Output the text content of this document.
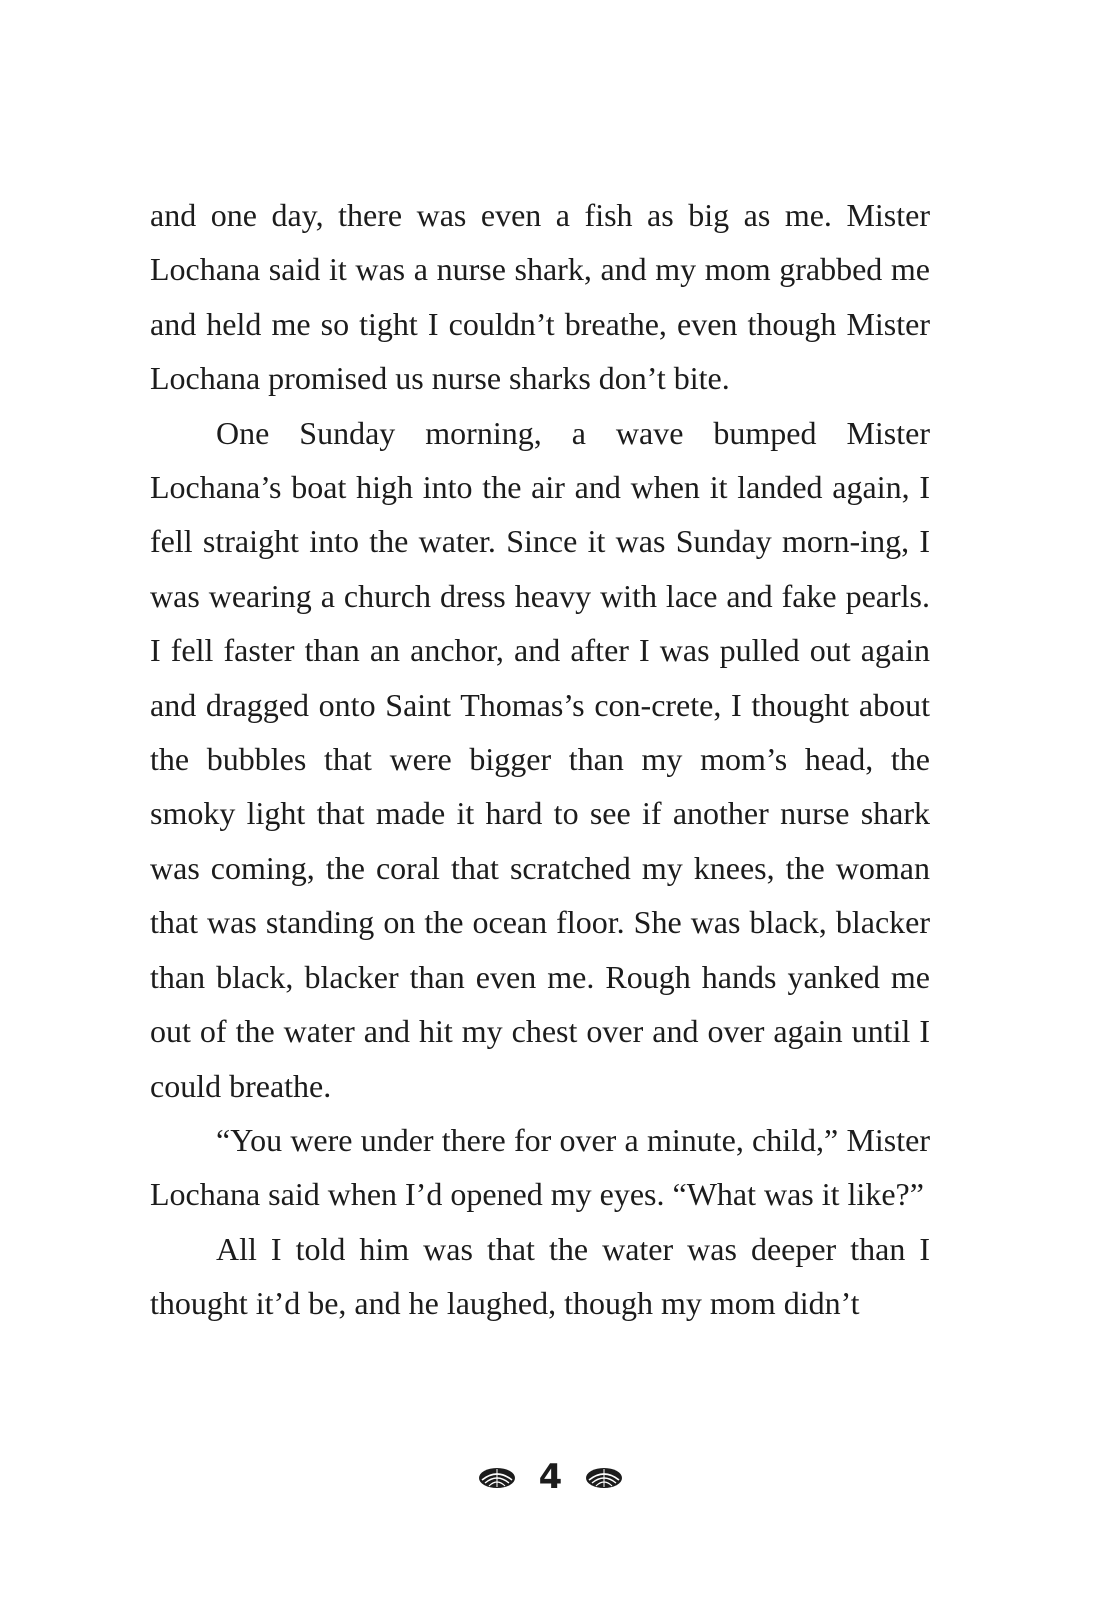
and one day, there was even a fish as big as me. Mister Lochana said it was a nurse shark, and my mom grabbed me and held me so tight I couldn’t breathe, even though Mister Lochana promised us nurse sharks don’t bite.

One Sunday morning, a wave bumped Mister Lochana’s boat high into the air and when it landed again, I fell straight into the water. Since it was Sunday morn-ing, I was wearing a church dress heavy with lace and fake pearls. I fell faster than an anchor, and after I was pulled out again and dragged onto Saint Thomas’s con-crete, I thought about the bubbles that were bigger than my mom’s head, the smoky light that made it hard to see if another nurse shark was coming, the coral that scratched my knees, the woman that was standing on the ocean floor. She was black, blacker than black, blacker than even me. Rough hands yanked me out of the water and hit my chest over and over again until I could breathe.

“You were under there for over a minute, child,” Mister Lochana said when I’d opened my eyes. “What was it like?”

All I told him was that the water was deeper than I thought it’d be, and he laughed, though my mom didn’t

4
